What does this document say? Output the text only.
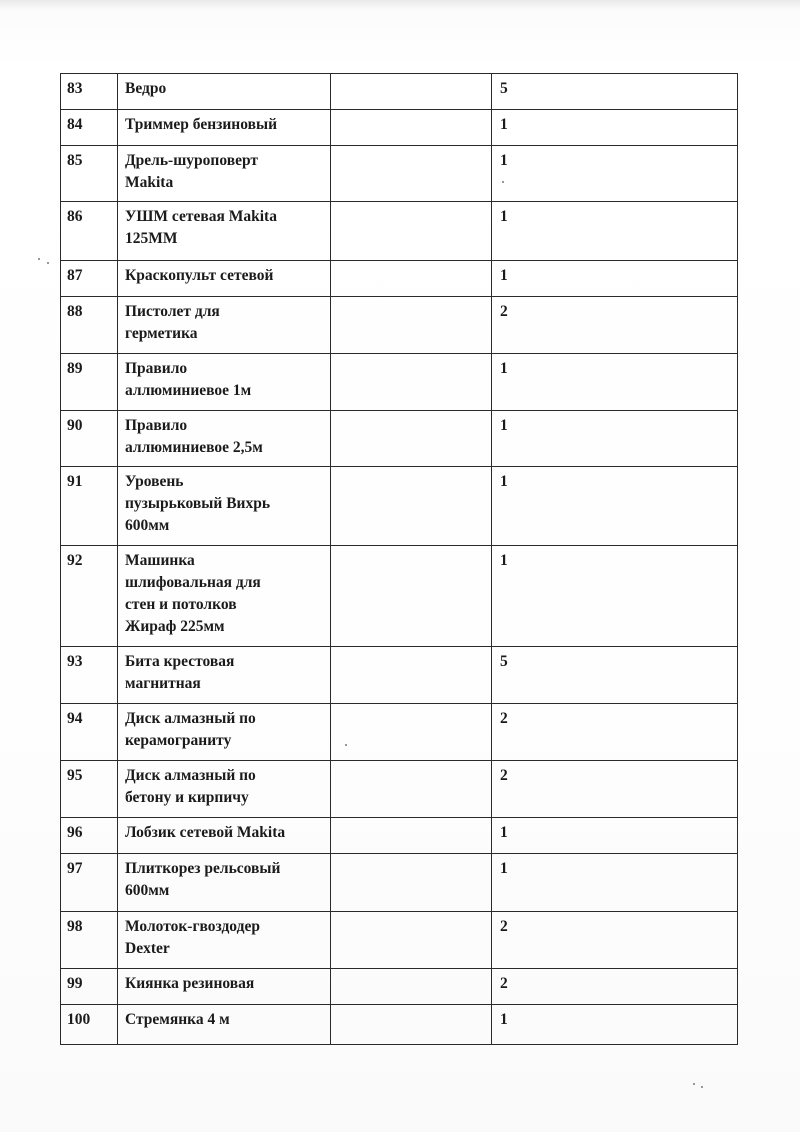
83	Ведро		5
84	Триммер бензиновый		1
85	Дрель-шуроповерт
Makita		1
86	УШМ сетевая Makita
125ММ		1
87	Краскопульт сетевой		1
88	Пистолет для
герметика		2
89	Правило
аллюминиевое 1м		1
90	Правило
аллюминиевое 2,5м		1
91	Уровень
пузырьковый Вихрь
600мм		1
92	Машинка
шлифовальная для
стен и потолков
Жираф 225мм		1
93	Бита крестовая
магнитная		5
94	Диск алмазный по
керамограниту		2
95	Диск алмазный по
бетону и кирпичу		2
96	Лобзик сетевой Makita		1
97	Плиткорез рельсовый
600мм		1
98	Молоток-гвоздодер
Dexter		2
99	Киянка резиновая		2
100	Стремянка 4 м		1
